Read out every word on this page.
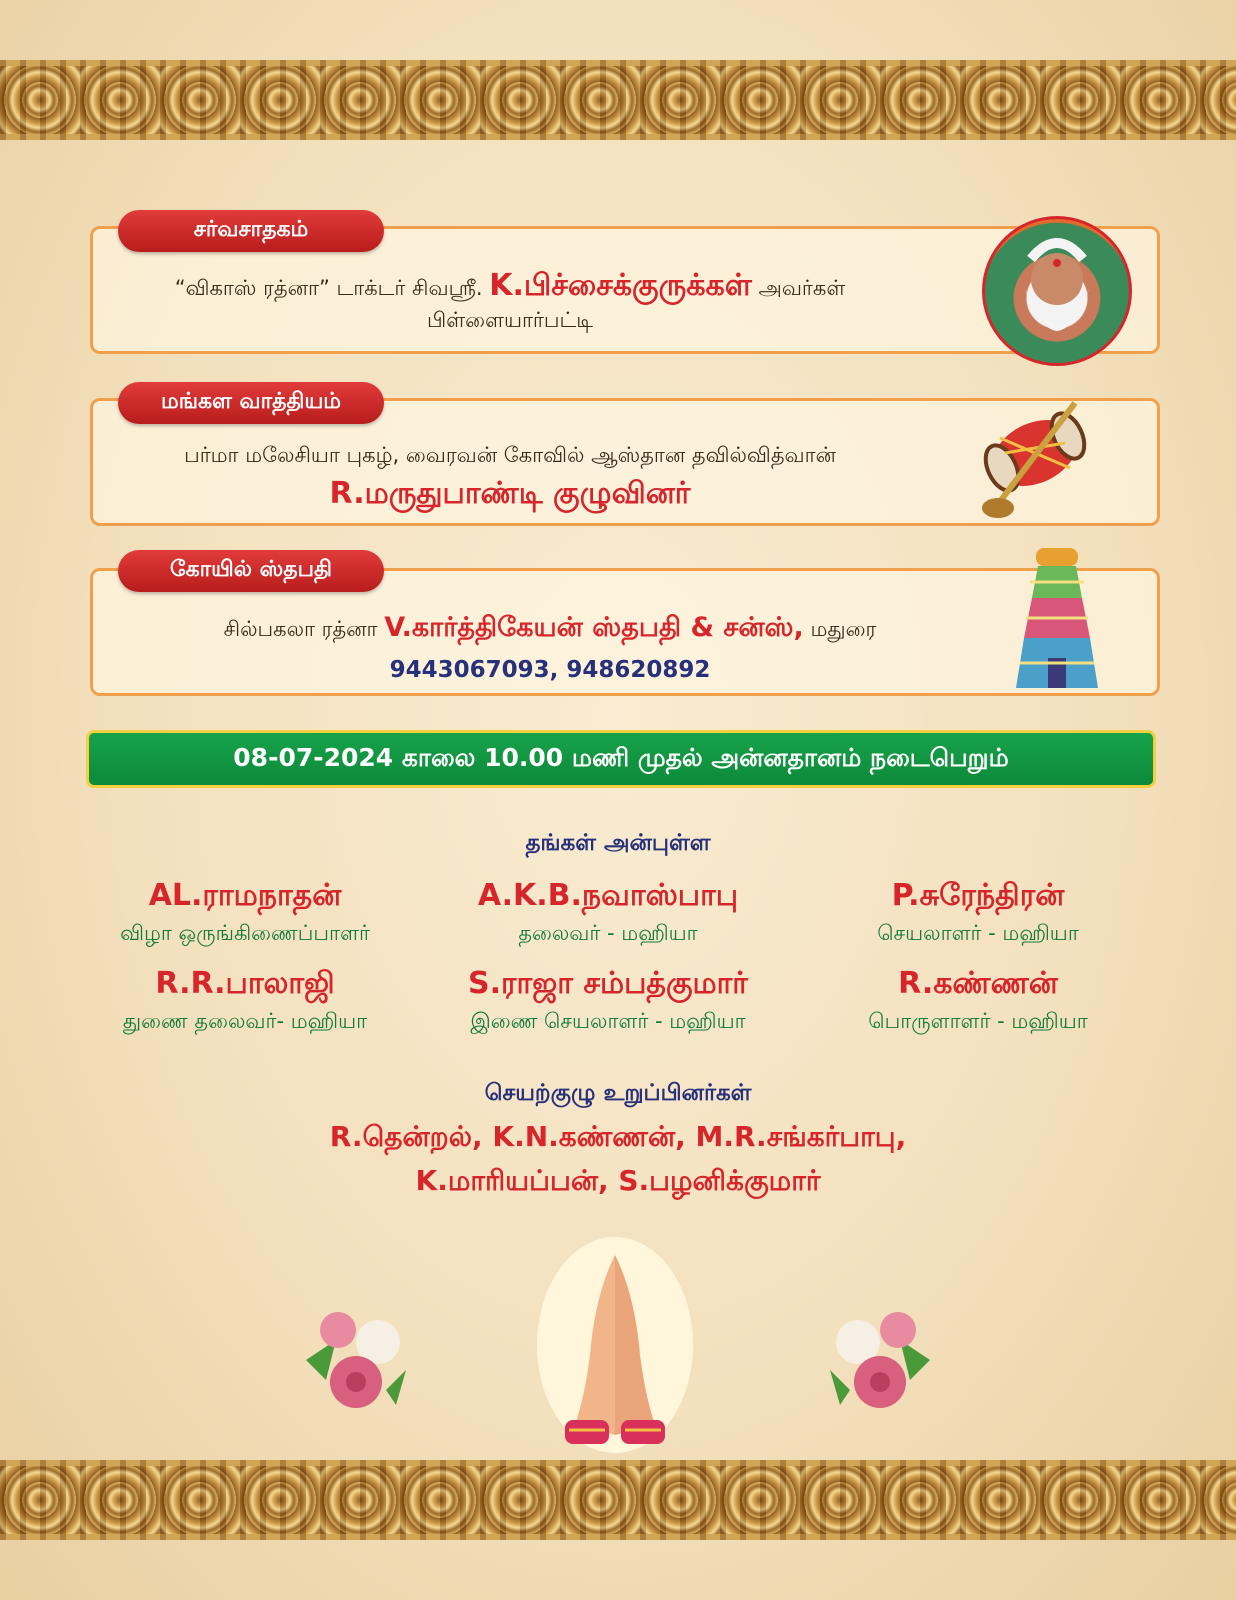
சர்வசாதகம்
“விகாஸ் ரத்னா” டாக்டர் சிவஸ்ரீ. K.பிச்சைக்குருக்கள் அவர்கள்
பிள்ளையார்பட்டி
மங்கள வாத்தியம்
பர்மா மலேசியா புகழ், வைரவன் கோவில் ஆஸ்தான தவில்வித்வான்
R.மருதுபாண்டி குழுவினர்
கோயில் ஸ்தபதி
சில்பகலா ரத்னா V.கார்த்திகேயன் ஸ்தபதி & சன்ஸ், மதுரை
9443067093, 948620892
08-07-2024 காலை 10.00 மணி முதல் அன்னதானம் நடைபெறும்
தங்கள் அன்புள்ள
AL.ராமநாதன்
விழா ஒருங்கிணைப்பாளர்
A.K.B.நவாஸ்பாபு
தலைவர் - மஹியா
P.சுரேந்திரன்
செயலாளர் - மஹியா
R.R.பாலாஜி
துணை தலைவர்- மஹியா
S.ராஜா சம்பத்குமார்
இணை செயலாளர் - மஹியா
R.கண்ணன்
பொருளாளர் - மஹியா
செயற்குழு உறுப்பினர்கள்
R.தென்றல், K.N.கண்ணன், M.R.சங்கர்பாபு,
K.மாரியப்பன், S.பழனிக்குமார்
